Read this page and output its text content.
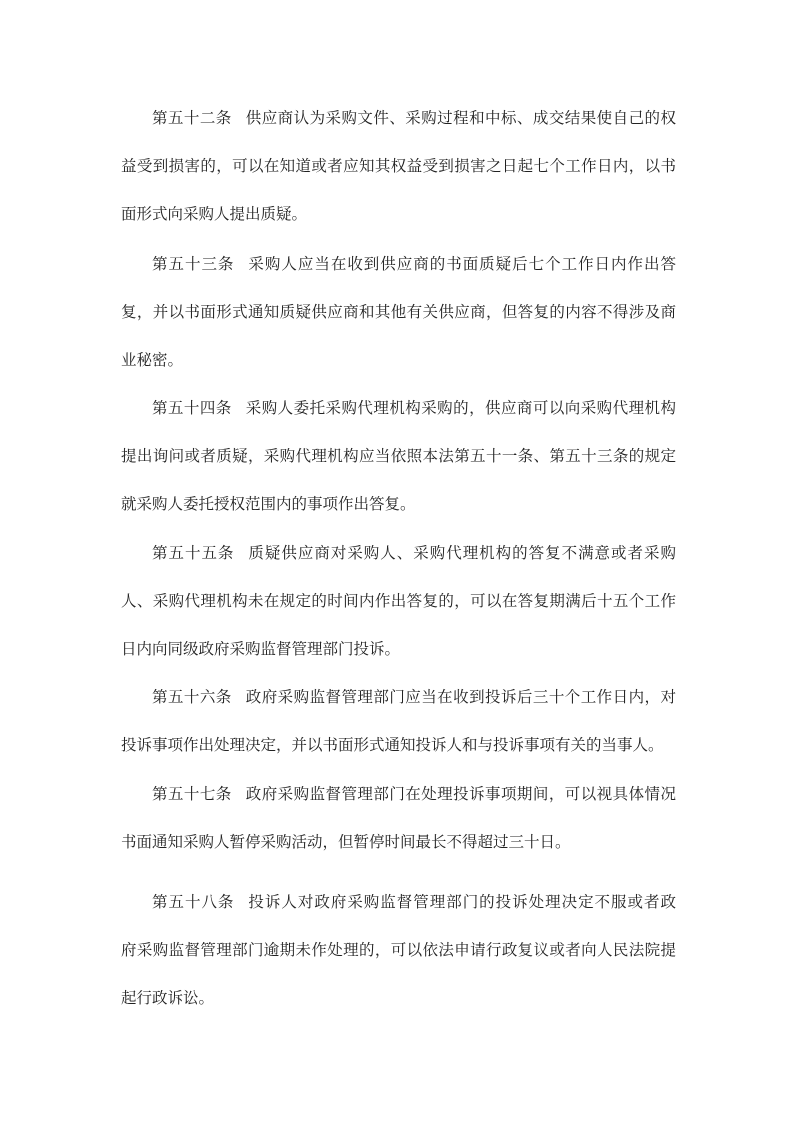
第五十二条 供应商认为采购文件、采购过程和中标、成交结果使自己的权
益受到损害的，可以在知道或者应知其权益受到损害之日起七个工作日内，以书
面形式向采购人提出质疑。

第五十三条 采购人应当在收到供应商的书面质疑后七个工作日内作出答
复，并以书面形式通知质疑供应商和其他有关供应商，但答复的内容不得涉及商
业秘密。

第五十四条 采购人委托采购代理机构采购的，供应商可以向采购代理机构
提出询问或者质疑，采购代理机构应当依照本法第五十一条、第五十三条的规定
就采购人委托授权范围内的事项作出答复。

第五十五条 质疑供应商对采购人、采购代理机构的答复不满意或者采购
人、采购代理机构未在规定的时间内作出答复的，可以在答复期满后十五个工作
日内向同级政府采购监督管理部门投诉。

第五十六条 政府采购监督管理部门应当在收到投诉后三十个工作日内，对
投诉事项作出处理决定，并以书面形式通知投诉人和与投诉事项有关的当事人。

第五十七条 政府采购监督管理部门在处理投诉事项期间，可以视具体情况
书面通知采购人暂停采购活动，但暂停时间最长不得超过三十日。

第五十八条 投诉人对政府采购监督管理部门的投诉处理决定不服或者政
府采购监督管理部门逾期未作处理的，可以依法申请行政复议或者向人民法院提
起行政诉讼。
